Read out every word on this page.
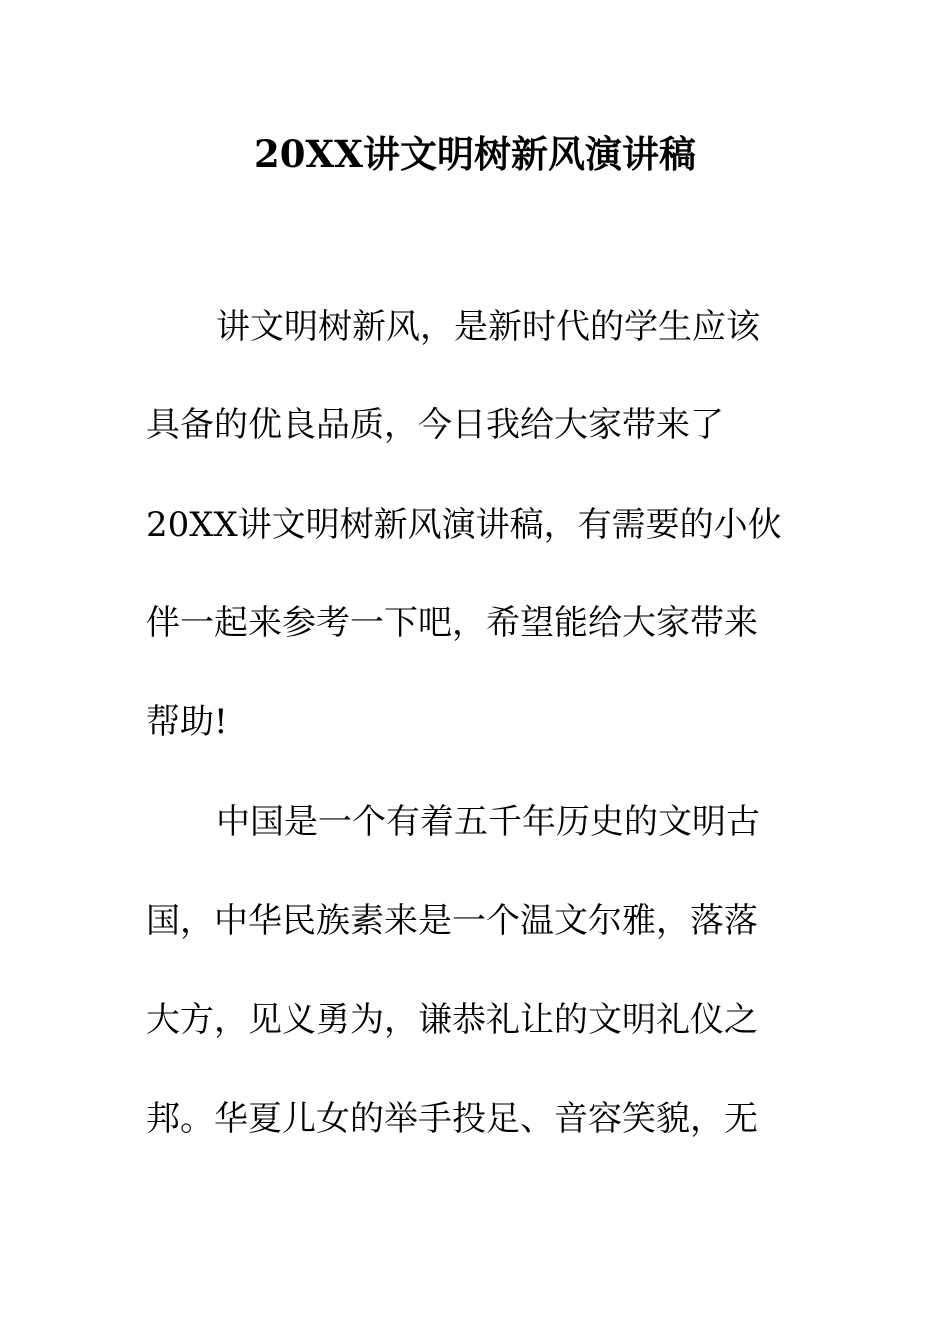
20XX讲文明树新风演讲稿
讲文明树新风，是新时代的学生应该
具备的优良品质，今日我给大家带来了
20XX讲文明树新风演讲稿，有需要的小伙
伴一起来参考一下吧，希望能给大家带来
帮助!
中国是一个有着五千年历史的文明古
国，中华民族素来是一个温文尔雅，落落
大方，见义勇为，谦恭礼让的文明礼仪之
邦。华夏儿女的举手投足、音容笑貌，无
